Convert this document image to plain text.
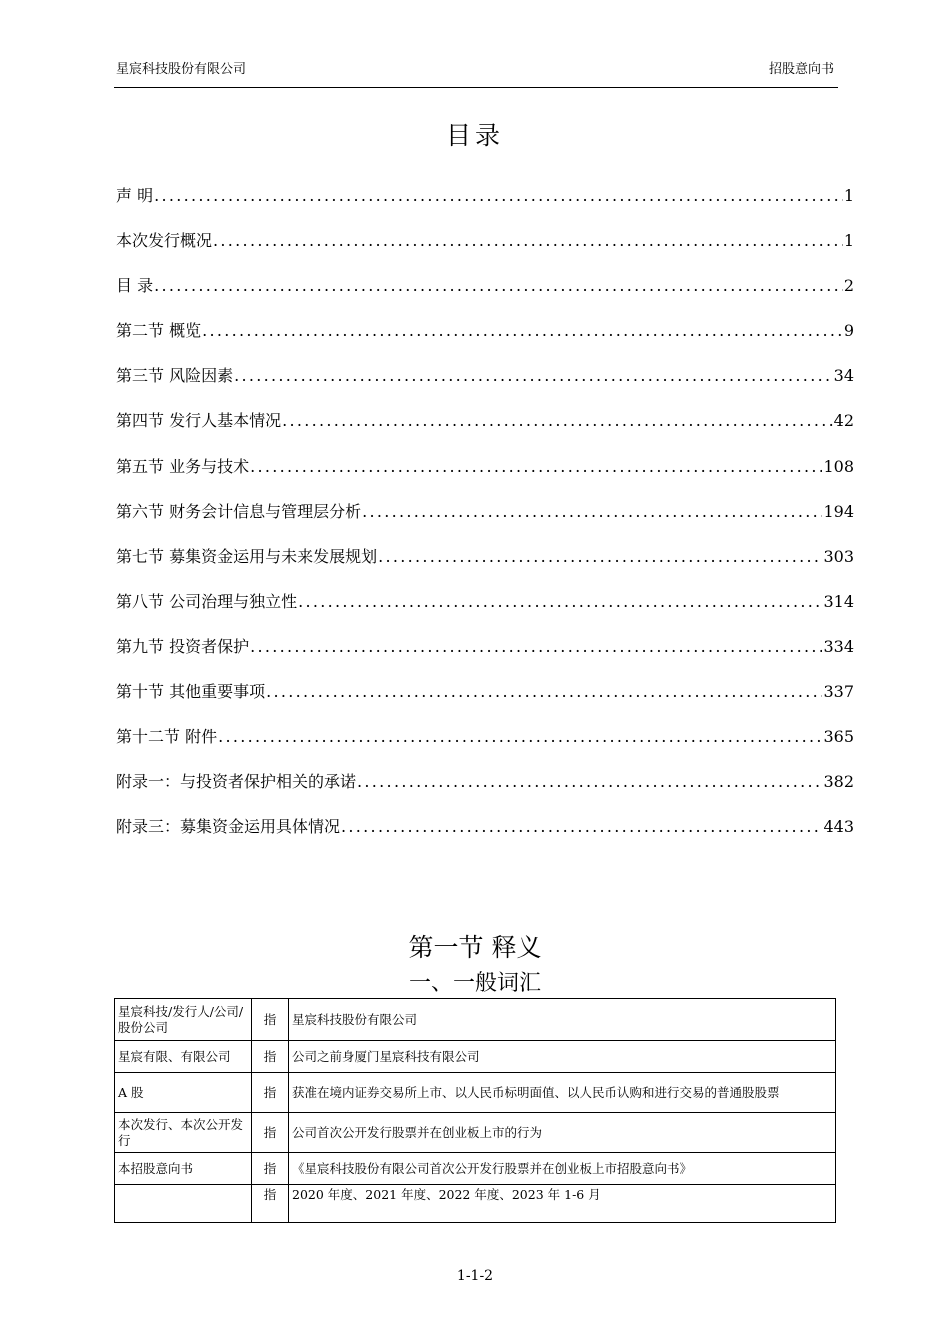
星宸科技股份有限公司	招股意向书
目录
声 明 .....	1
本次发行概况 .....	1
目 录 .....	2
第二节 概览 .....	9
第三节 风险因素 .....	34
第四节 发行人基本情况 .....	42
第五节 业务与技术 .....	108
第六节 财务会计信息与管理层分析 .....	194
第七节 募集资金运用与未来发展规划 .....	303
第八节 公司治理与独立性 .....	314
第九节 投资者保护 .....	334
第十节 其他重要事项 .....	337
第十二节 附件 .....	365
附录一：与投资者保护相关的承诺 .....	382
附录三：募集资金运用具体情况 .....	443
第一节 释义
一、一般词汇
星宸科技/发行人/公司/股份公司	指	星宸科技股份有限公司
星宸有限、有限公司	指	公司之前身厦门星宸科技有限公司
A 股	指	获准在境内证券交易所上市、以人民币标明面值、以人民币认购和进行交易的普通股股票
本次发行、本次公开发行	指	公司首次公开发行股票并在创业板上市的行为
本招股意向书	指	《星宸科技股份有限公司首次公开发行股票并在创业板上市招股意向书》
	指	2020 年度、2021 年度、2022 年度、2023 年 1-6 月
1-1-2
